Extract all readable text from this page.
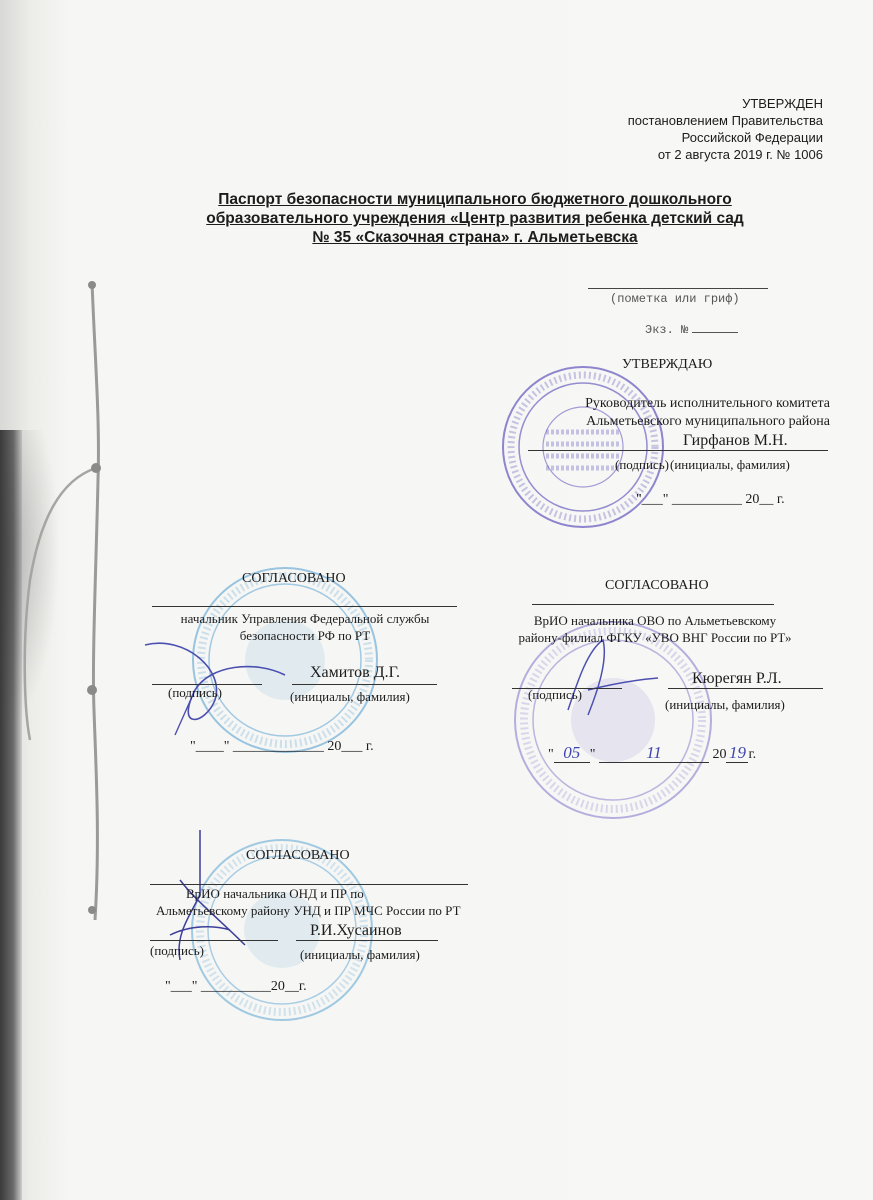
УТВЕРЖДЕН
постановлением Правительства
Российской Федерации
от 2 августа 2019 г. № 1006
Паспорт безопасности муниципального бюджетного дошкольного
образовательного учреждения «Центр развития ребенка детский сад
№ 35 «Сказочная страна» г. Альметьевска
(пометка или гриф)
Экз. №
УТВЕРЖДАЮ
Руководитель исполнительного комитета
Альметьевского муниципального района
Гирфанов М.Н.
(подпись) (инициалы, фамилия)
"___" __________ 20__ г.
СОГЛАСОВАНО
начальник Управления Федеральной службы
безопасности РФ по РТ
Хамитов Д.Г.
(подпись)	(инициалы, фамилия)
"____" _____________ 20___ г.
СОГЛАСОВАНО
ВрИО начальника ОВО по Альметьевскому
району-филиал ФГКУ «УВО ВНГ России по РТ»
Кюрегян Р.Л.
(подпись)
(инициалы, фамилия)
" 05 "	11	20 19 г.
СОГЛАСОВАНО
ВрИО начальника ОНД и ПР по
Альметьевскому району УНД и ПР МЧС России по РТ
Р.И.Хусаинов
(подпись)	(инициалы, фамилия)
"___" __________20__г.
